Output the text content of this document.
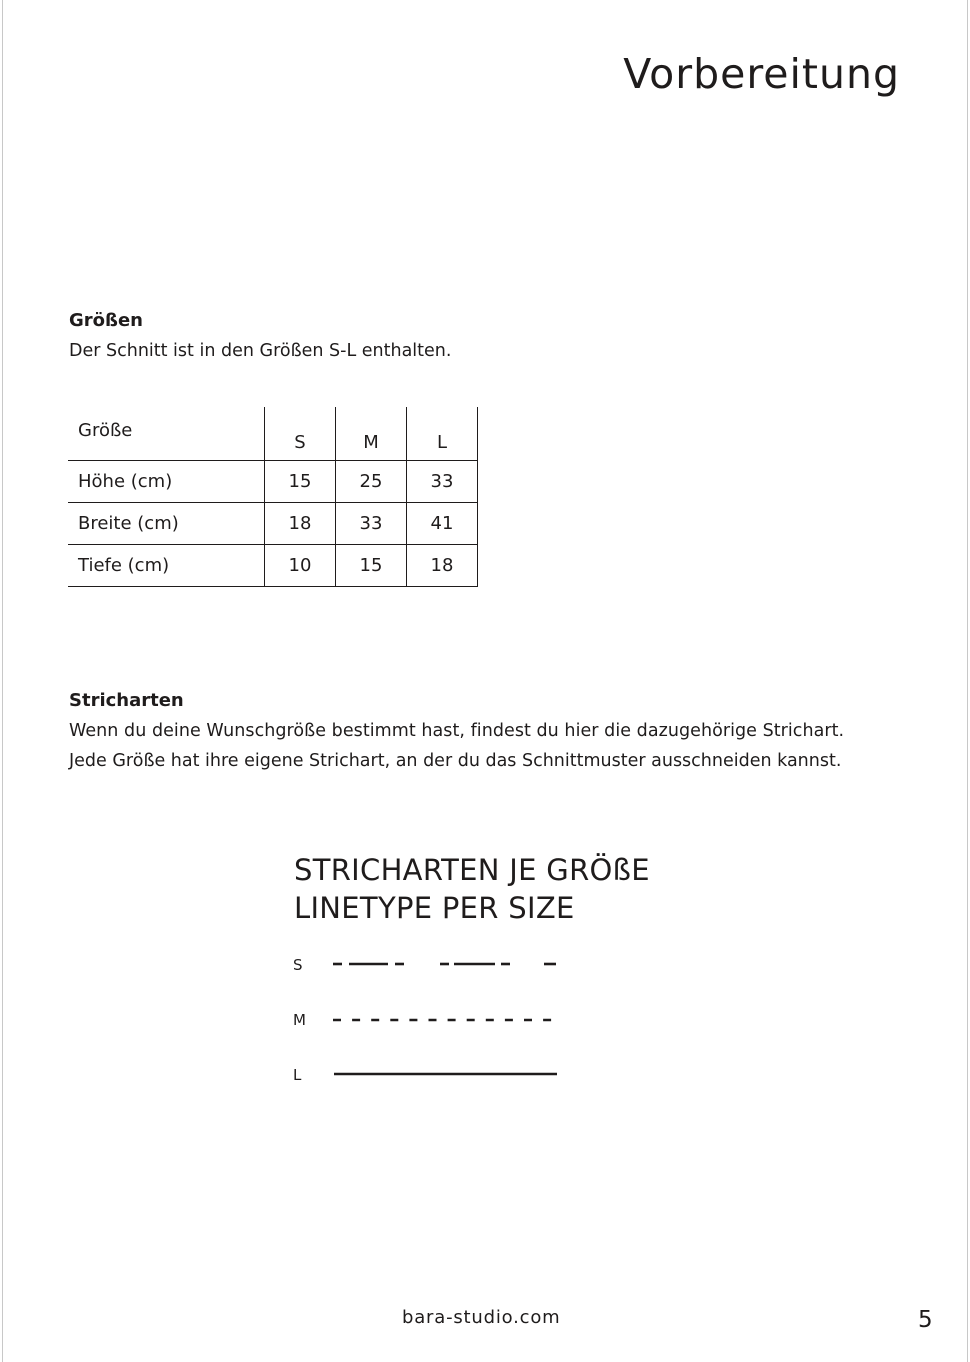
Vorbereitung
Größen

Der Schnitt ist in den Größen S-L enthalten.

Größe	S	M	L
Höhe (cm)	15	25	33
Breite (cm)	18	33	41
Tiefe (cm)	10	15	18
Stricharten

Wenn du deine Wunschgröße bestimmt hast, findest du hier die dazugehörige Strichart.

Jede Größe hat ihre eigene Strichart, an der du das Schnittmuster ausschneiden kannst.

STRICHARTEN JE GRÖßE
LINETYPE PER SIZE
S
M
L
bara-studio.com	5
